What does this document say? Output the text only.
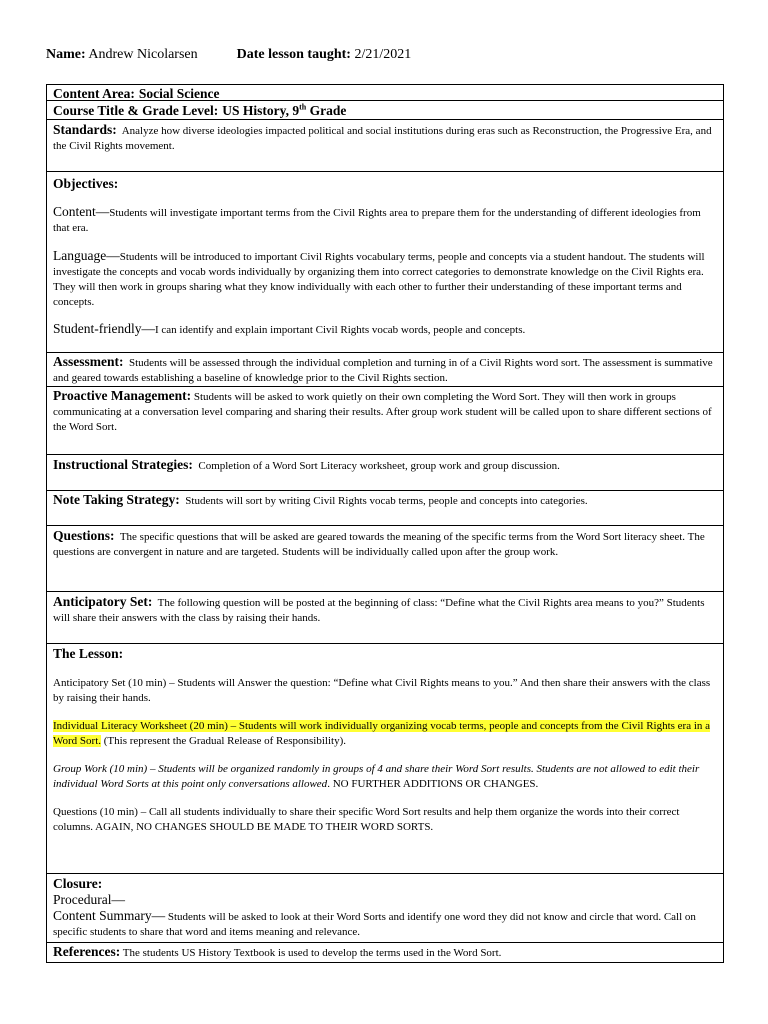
Name: Andrew Nicolarsen	Date lesson taught: 2/21/2021
Content Area: Social Science
Course Title & Grade Level: US History, 9th Grade

Standards: Analyze how diverse ideologies impacted political and social institutions during eras such as Reconstruction, the Progressive Era, and the Civil Rights movement.

Objectives:

Content—Students will investigate important terms from the Civil Rights area to prepare them for the understanding of different ideologies from that era.

Language—Students will be introduced to important Civil Rights vocabulary terms, people and concepts via a student handout. The students will investigate the concepts and vocab words individually by organizing them into correct categories to demonstrate knowledge on the Civil Rights era. They will then work in groups sharing what they know individually with each other to further their understanding of these important terms and concepts.

Student-friendly—I can identify and explain important Civil Rights vocab words, people and concepts.

Assessment: Students will be assessed through the individual completion and turning in of a Civil Rights word sort. The assessment is summative and geared towards establishing a baseline of knowledge prior to the Civil Rights section.

Proactive Management: Students will be asked to work quietly on their own completing the Word Sort. They will then work in groups communicating at a conversation level comparing and sharing their results. After group work student will be called upon to share different sections of the Word Sort.

Instructional Strategies: Completion of a Word Sort Literacy worksheet, group work and group discussion.

Note Taking Strategy: Students will sort by writing Civil Rights vocab terms, people and concepts into categories.

Questions: The specific questions that will be asked are geared towards the meaning of the specific terms from the Word Sort literacy sheet. The questions are convergent in nature and are targeted. Students will be individually called upon after the group work.

Anticipatory Set: The following question will be posted at the beginning of class: “Define what the Civil Rights area means to you?” Students will share their answers with the class by raising their hands.

The Lesson:

Anticipatory Set (10 min) – Students will Answer the question: “Define what Civil Rights means to you.” And then share their answers with the class by raising their hands.

Individual Literacy Worksheet (20 min) – Students will work individually organizing vocab terms, people and concepts from the Civil Rights era in a Word Sort. (This represent the Gradual Release of Responsibility).

Group Work (10 min) – Students will be organized randomly in groups of 4 and share their Word Sort results. Students are not allowed to edit their individual Word Sorts at this point only conversations allowed. NO FURTHER ADDITIONS OR CHANGES.

Questions (10 min) – Call all students individually to share their specific Word Sort results and help them organize the words into their correct columns. AGAIN, NO CHANGES SHOULD BE MADE TO THEIR WORD SORTS.

Closure:
Procedural—

Content Summary— Students will be asked to look at their Word Sorts and identify one word they did not know and circle that word. Call on specific students to share that word and items meaning and relevance.

References: The students US History Textbook is used to develop the terms used in the Word Sort.
